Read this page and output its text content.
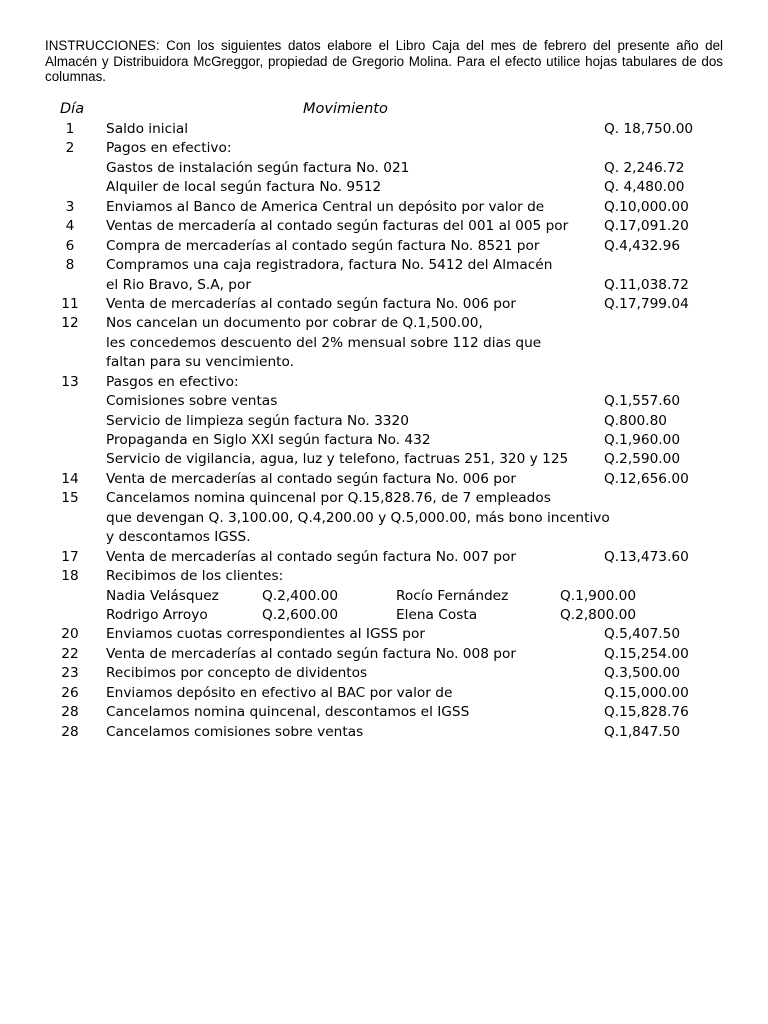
INSTRUCCIONES: Con los siguientes datos elabore el Libro Caja del mes de febrero del presente año del Almacén y Distribuidora McGreggor, propiedad de Gregorio Molina. Para el efecto utilice hojas tabulares de dos columnas.
Día	Movimiento
1	Saldo inicial	Q. 18,750.00
2	Pagos en efectivo:
Gastos de instalación según factura No. 021	Q. 2,246.72
Alquiler de local según factura No. 9512	Q. 4,480.00
3	Enviamos al Banco de America Central un depósito por valor de	Q.10,000.00
4	Ventas de mercadería al contado según facturas del 001 al 005 por	Q.17,091.20
6	Compra de mercaderías al contado según factura No. 8521 por	Q.4,432.96
8	Compramos una caja registradora, factura No. 5412 del Almacén
el Rio Bravo, S.A, por	Q.11,038.72
11	Venta de mercaderías al contado según factura No. 006 por	Q.17,799.04
12	Nos cancelan un documento por cobrar de Q.1,500.00,
les concedemos descuento del 2% mensual sobre 112 dias que
faltan para su vencimiento.
13	Pasgos en efectivo:
Comisiones sobre ventas	Q.1,557.60
Servicio de limpieza según factura No. 3320	Q.800.80
Propaganda en Siglo XXI según factura No. 432	Q.1,960.00
Servicio de vigilancia, agua, luz y telefono, factruas 251, 320 y 125	Q.2,590.00
14	Venta de mercaderías al contado según factura No. 006 por	Q.12,656.00
15	Cancelamos nomina quincenal por Q.15,828.76, de 7 empleados
que devengan Q. 3,100.00, Q.4,200.00 y Q.5,000.00, más bono incentivo
y descontamos IGSS.
17	Venta de mercaderías al contado según factura No. 007 por	Q.13,473.60
18	Recibimos de los clientes:
Nadia Velásquez	Q.2,400.00	Rocío Fernández	Q.1,900.00
Rodrigo Arroyo	Q.2,600.00	Elena Costa	Q.2,800.00
20	Enviamos cuotas correspondientes al IGSS por	Q.5,407.50
22	Venta de mercaderías al contado según factura No. 008 por	Q.15,254.00
23	Recibimos por concepto de dividentos	Q.3,500.00
26	Enviamos depósito en efectivo al BAC por valor de	Q.15,000.00
28	Cancelamos nomina quincenal, descontamos el IGSS	Q.15,828.76
28	Cancelamos comisiones sobre ventas	Q.1,847.50
